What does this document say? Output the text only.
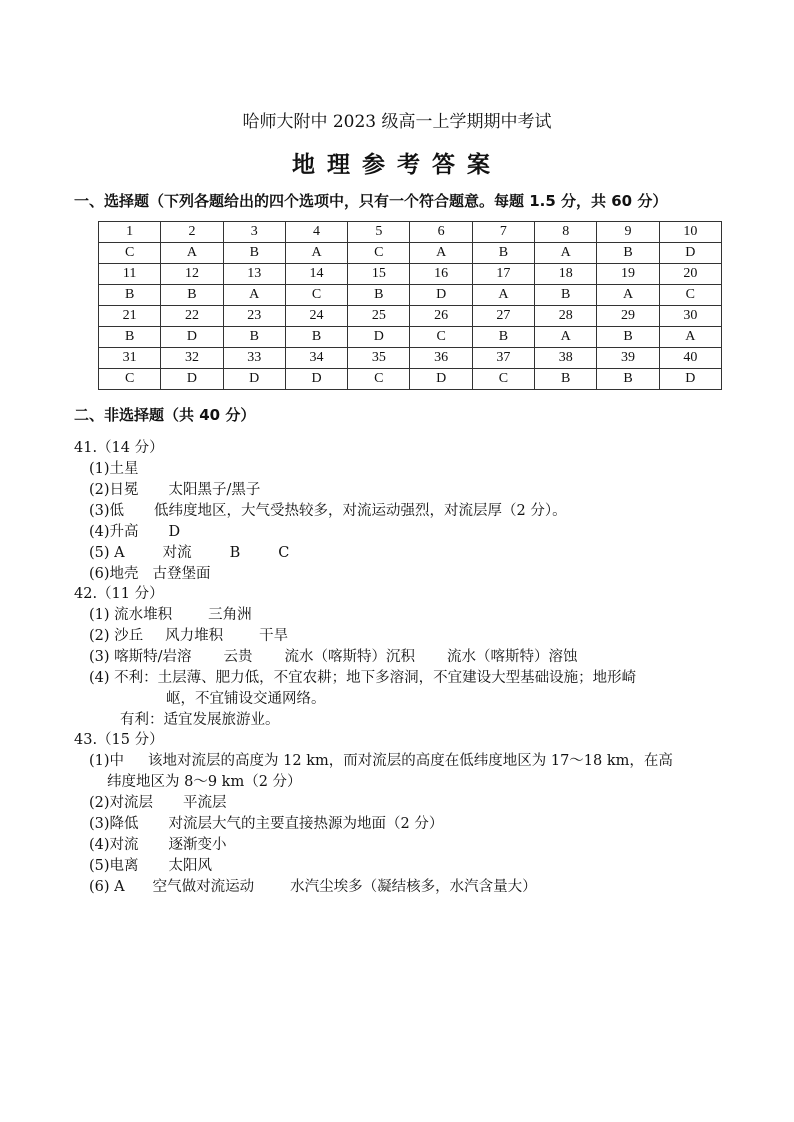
哈师大附中 2023 级高一上学期期中考试
地理参考答案
一、选择题（下列各题给出的四个选项中，只有一个符合题意。每题 1.5 分，共 60 分）
1	2	3	4	5	6	7	8	9	10
C	A	B	A	C	A	B	A	B	D
11	12	13	14	15	16	17	18	19	20
B	B	A	C	B	D	A	B	A	C
21	22	23	24	25	26	27	28	29	30
B	D	B	B	D	C	B	A	B	A
31	32	33	34	35	36	37	38	39	40
C	D	D	D	C	D	C	B	B	D
二、非选择题（共 40 分）
41.（14 分）
(1)土星
(2)日冕 太阳黑子/黑子
(3)低 低纬度地区，大气受热较多，对流运动强烈，对流层厚（2 分）。
(4)升高 D
(5) A	对流	B	C
(6)地壳 古登堡面
42.（11 分）
(1) 流水堆积 三角洲
(2) 沙丘 风力堆积 干旱
(3) 喀斯特/岩溶 云贵 流水（喀斯特）沉积 流水（喀斯特）溶蚀
(4) 不利：土层薄、肥力低，不宜农耕；地下多溶洞，不宜建设大型基础设施；地形崎
岖，不宜铺设交通网络。
有利：适宜发展旅游业。
43.（15 分）
(1)中 该地对流层的高度为 12 km，而对流层的高度在低纬度地区为 17～18 km，在高
纬度地区为 8～9 km（2 分）
(2)对流层 平流层
(3)降低 对流层大气的主要直接热源为地面（2 分）
(4)对流 逐渐变小
(5)电离 太阳风
(6) A 空气做对流运动 水汽尘埃多（凝结核多，水汽含量大）
